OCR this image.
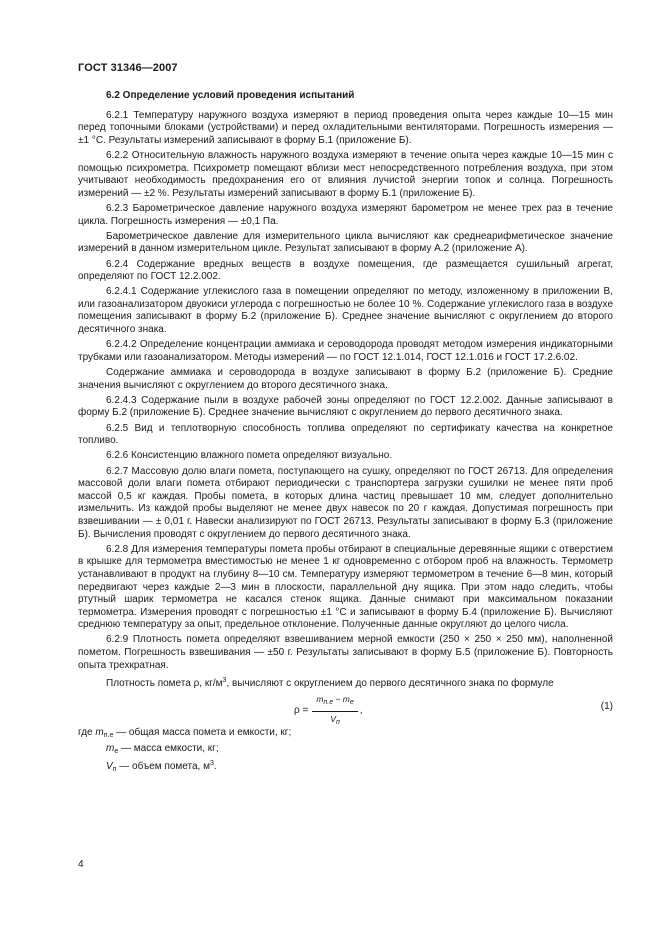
ГОСТ 31346—2007
6.2 Определение условий проведения испытаний

6.2.1 Температуру наружного воздуха измеряют в период проведения опыта через каждые 10—15 мин перед топочными блоками (устройствами) и перед охладительными вентиляторами. Погрешность измерения — ±1 °С. Результаты измерений записывают в форму Б.1 (приложение Б).

6.2.2 Относительную влажность наружного воздуха измеряют в течение опыта через каждые 10—15 мин с помощью психрометра. Психрометр помещают вблизи мест непосредственного потребления воздуха, при этом учитывают необходимость предохранения его от влияния лучистой энергии топок и солнца. Погрешность измерений — ±2 %. Результаты измерений записывают в форму Б.1 (приложение Б).

6.2.3 Барометрическое давление наружного воздуха измеряют барометром не менее трех раз в течение цикла. Погрешность измерения — ±0,1 Па.

Барометрическое давление для измерительного цикла вычисляют как среднеарифметическое значение измерений в данном измерительном цикле. Результат записывают в форму А.2 (приложение А).

6.2.4 Содержание вредных веществ в воздухе помещения, где размещается сушильный агрегат, определяют по ГОСТ 12.2.002.

6.2.4.1 Содержание углекислого газа в помещении определяют по методу, изложенному в приложении В, или газоанализатором двуокиси углерода с погрешностью не более 10 %. Содержание углекислого газа в воздухе помещения записывают в форму Б.2 (приложение Б). Среднее значение вычисляют с округлением до второго десятичного знака.

6.2.4.2 Определение концентрации аммиака и сероводорода проводят методом измерения индикаторными трубками или газоанализатором. Методы измерений — по ГОСТ 12.1.014, ГОСТ 12.1.016 и ГОСТ 17.2.6.02.

Содержание аммиака и сероводорода в воздухе записывают в форму Б.2 (приложение Б). Средние значения вычисляют с округлением до второго десятичного знака.

6.2.4.3 Содержание пыли в воздухе рабочей зоны определяют по ГОСТ 12.2.002. Данные записывают в форму Б.2 (приложение Б). Среднее значение вычисляют с округлением до первого десятичного знака.

6.2.5 Вид и теплотворную способность топлива определяют по сертификату качества на конкретное топливо.

6.2.6 Консистенцию влажного помета определяют визуально.

6.2.7 Массовую долю влаги помета, поступающего на сушку, определяют по ГОСТ 26713. Для определения массовой доли влаги помета отбирают периодически с транспортера загрузки сушилки не менее пяти проб массой 0,5 кг каждая. Пробы помета, в которых длина частиц превышает 10 мм, следует дополнительно измельчить. Из каждой пробы выделяют не менее двух навесок по 20 г каждая. Допустимая погрешность при взвешивании — ± 0,01 г. Навески анализируют по ГОСТ 26713. Результаты записывают в форму Б.3 (приложение Б). Вычисления проводят с округлением до первого десятичного знака.

6.2.8 Для измерения температуры помета пробы отбирают в специальные деревянные ящики с отверстием в крышке для термометра вместимостью не менее 1 кг одновременно с отбором проб на влажность. Термометр устанавливают в продукт на глубину 8—10 см. Температуру измеряют термометром в течение 6—8 мин, который передвигают через каждые 2—3 мин в плоскости, параллельной дну ящика. При этом надо следить, чтобы ртутный шарик термометра не касался стенок ящика. Данные снимают при максимальном показании термометра. Измерения проводят с погрешностью ±1 °С и записывают в форму Б.4 (приложение Б). Вычисляют среднюю температуру за опыт, предельное отклонение. Полученные данные округляют до целого числа.

6.2.9 Плотность помета определяют взвешиванием мерной емкости (250 × 250 × 250 мм), наполненной пометом. Погрешность взвешивания — ±50 г. Результаты записывают в форму Б.5 (приложение Б). Повторность опыта трехкратная.

Плотность помета ρ, $кг/м^3$, вычисляют с округлением до первого десятичного знака по формуле

$\rho = \frac{m_{п.е} - m_е}{V_п}$ ,	(1)
где $m_{п.е}$ — общая масса помета и емкости, кг;
$m_е$ — масса емкости, кг;
$V_п$ — объем помета, $м^3$.
4
